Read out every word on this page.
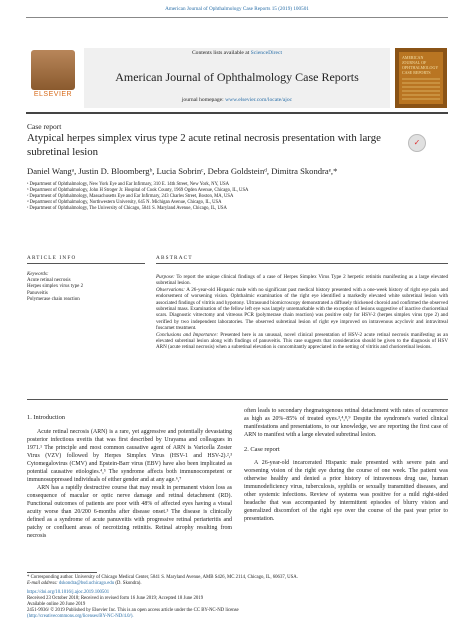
American Journal of Ophthalmology Case Reports 15 (2019) 100501
ELSEVIER
Contents lists available at ScienceDirect
American Journal of Ophthalmology Case Reports
journal homepage: www.elsevier.com/locate/ajoc
AMERICAN JOURNAL OF OPHTHALMOLOGY CASE REPORTS
Case report
Atypical herpes simplex virus type 2 acute retinal necrosis presentation with large subretinal lesion
✓
Daniel Wangᵃ, Justin D. Bloombergᵇ, Lucia Sobrinᶜ, Debra Goldsteinᵈ, Dimitra Skondraᵉ,*
ᵃ Department of Ophthalmology, New York Eye and Ear Infirmary, 310 E. 14th Street, New York, NY, USA
ᵇ Department of Ophthalmology, John H Stroger Jr. Hospital of Cook County, 1969 Ogden Avenue, Chicago, IL, USA
ᶜ Department of Ophthalmology, Massachusetts Eye and Ear Infirmary, 243 Charles Street, Boston, MA, USA
ᵈ Department of Ophthalmology, Northwestern University, 645 N. Michigan Avenue, Chicago, IL, USA
ᵉ Department of Ophthalmology, The University of Chicago, 5841 S. Maryland Avenue, Chicago, IL, USA
ARTICLE INFO
Keywords:
Acute retinal necrosis
Herpes simplex virus type 2
Panuveitis
Polymerase chain reaction
ABSTRACT
Purpose: To report the unique clinical findings of a case of Herpes Simplex Virus Type 2 herpetic retinitis manifesting as a large elevated subretinal lesion.
Observations: A 26-year-old Hispanic male with no significant past medical history presented with a one-week history of right eye pain and endorsement of worsening vision. Ophthalmic examination of the right eye identified a markedly elevated white subretinal lesion with associated findings of vitritis and hypotony. Ultrasound biomicroscopy demonstrated a diffusely thickened choroid and confirmed the observed subretinal mass. Examination of the fellow left eye was largely unremarkable with the exception of lesions suggestive of inactive chorioretinal scars. Diagnostic vitrectomy and vitreous PCR (polymerase chain reaction) was positive only for HSV-2 (herpes simplex virus type 2) and verified by two independent laboratories. The observed subretinal lesion of right eye improved on intravenous acyclovir and intravitreal foscarnet treatment.
Conclusions and Importance: Presented here is an unusual, novel clinical presentation of HSV-2 acute retinal necrosis manifesting as an elevated subretinal lesion along with findings of panuveitis. This case suggests that consideration should be given to the diagnosis of HSV ARN (acute retinal necrosis) when a subretinal elevation is concomitantly appreciated in the setting of vitritis and chorioretinal lesions.
1. Introduction
Acute retinal necrosis (ARN) is a rare, yet aggressive and potentially devastating posterior infectious uveitis that was first described by Urayama and colleagues in 1971.¹ The principle and most common causative agent of ARN is Varicella Zoster Virus (VZV) followed by Herpes Simplex Virus (HSV-1 and HSV-2).²,³ Cytomegalovirus (CMV) and Epstein-Barr virus (EBV) have also been implicated as potential causative etiologies.⁴,⁵ The syndrome affects both immunocompetent or immunosuppressed individuals of either gender and at any age.⁶,⁷
ARN has a rapidly destructive course that may result in permanent vision loss as consequence of macular or optic nerve damage and retinal detachment (RD). Functional outcomes of patients are poor with 48% of affected eyes having a visual acuity worse than 20/200 6-months after disease onset.³ The disease is clinically defined as a syndrome of acute panuveitis with progressive retinal periarteritis and patchy or confluent areas of necrotizing retinitis. Retinal atrophy resulting from necrosis
often leads to secondary rhegmatogenous retinal detachment with rates of occurrence as high as 20%–85% of treated eyes.³,⁴,⁸,⁹ Despite the syndrome's varied clinical manifestations and presentations, to our knowledge, we are reporting the first case of ARN to manifest with a large elevated subretinal lesion.
2. Case report
A 26-year-old incarcerated Hispanic male presented with severe pain and worsening vision of the right eye during the course of one week. The patient was otherwise healthy and denied a prior history of intravenous drug use, human immunodeficiency virus, tuberculosis, syphilis or sexually transmitted diseases, and other systemic infections. Review of systems was positive for a mild right-sided headache that was accompanied by intermittent episodes of blurry vision and generalized discomfort of the right eye over the course of the past year prior to presentation.
* Corresponding author. University of Chicago Medical Center, 5841 S. Maryland Avenue, AMB S426, MC 2114, Chicago, IL, 60637, USA.
E-mail address: dskondra@bsd.uchicago.edu (D. Skondra).
https://doi.org/10.1016/j.ajoc.2019.100501
Received 23 October 2018; Received in revised form 16 June 2019; Accepted 18 June 2019
Available online 20 June 2019
2451-9936/ © 2019 Published by Elsevier Inc. This is an open access article under the CC BY-NC-ND license
(http://creativecommons.org/licenses/BY-NC-ND/4.0/).
